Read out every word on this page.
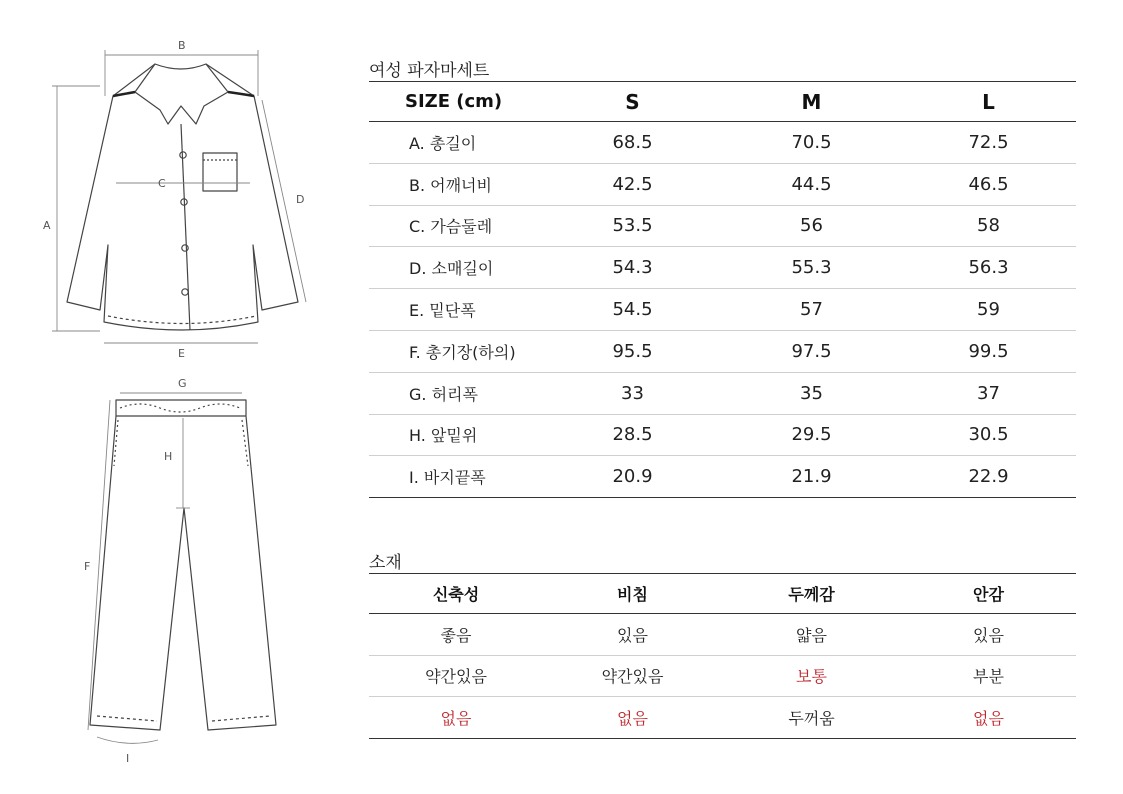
A
B
C
D
E
F
G
H
I
여성 파자마세트
SIZE (cm)	S	M	L
A. 총길이	68.5	70.5	72.5
B. 어깨너비	42.5	44.5	46.5
C. 가슴둘레	53.5	56	58
D. 소매길이	54.3	55.3	56.3
E. 밑단폭	54.5	57	59
F. 총기장(하의)	95.5	97.5	99.5
G. 허리폭	33	35	37
H. 앞밑위	28.5	29.5	30.5
I. 바지끝폭	20.9	21.9	22.9
소재
신축성	비침	두께감	안감
좋음	있음	얇음	있음
약간있음	약간있음	보통	부분
없음	없음	두꺼움	없음
